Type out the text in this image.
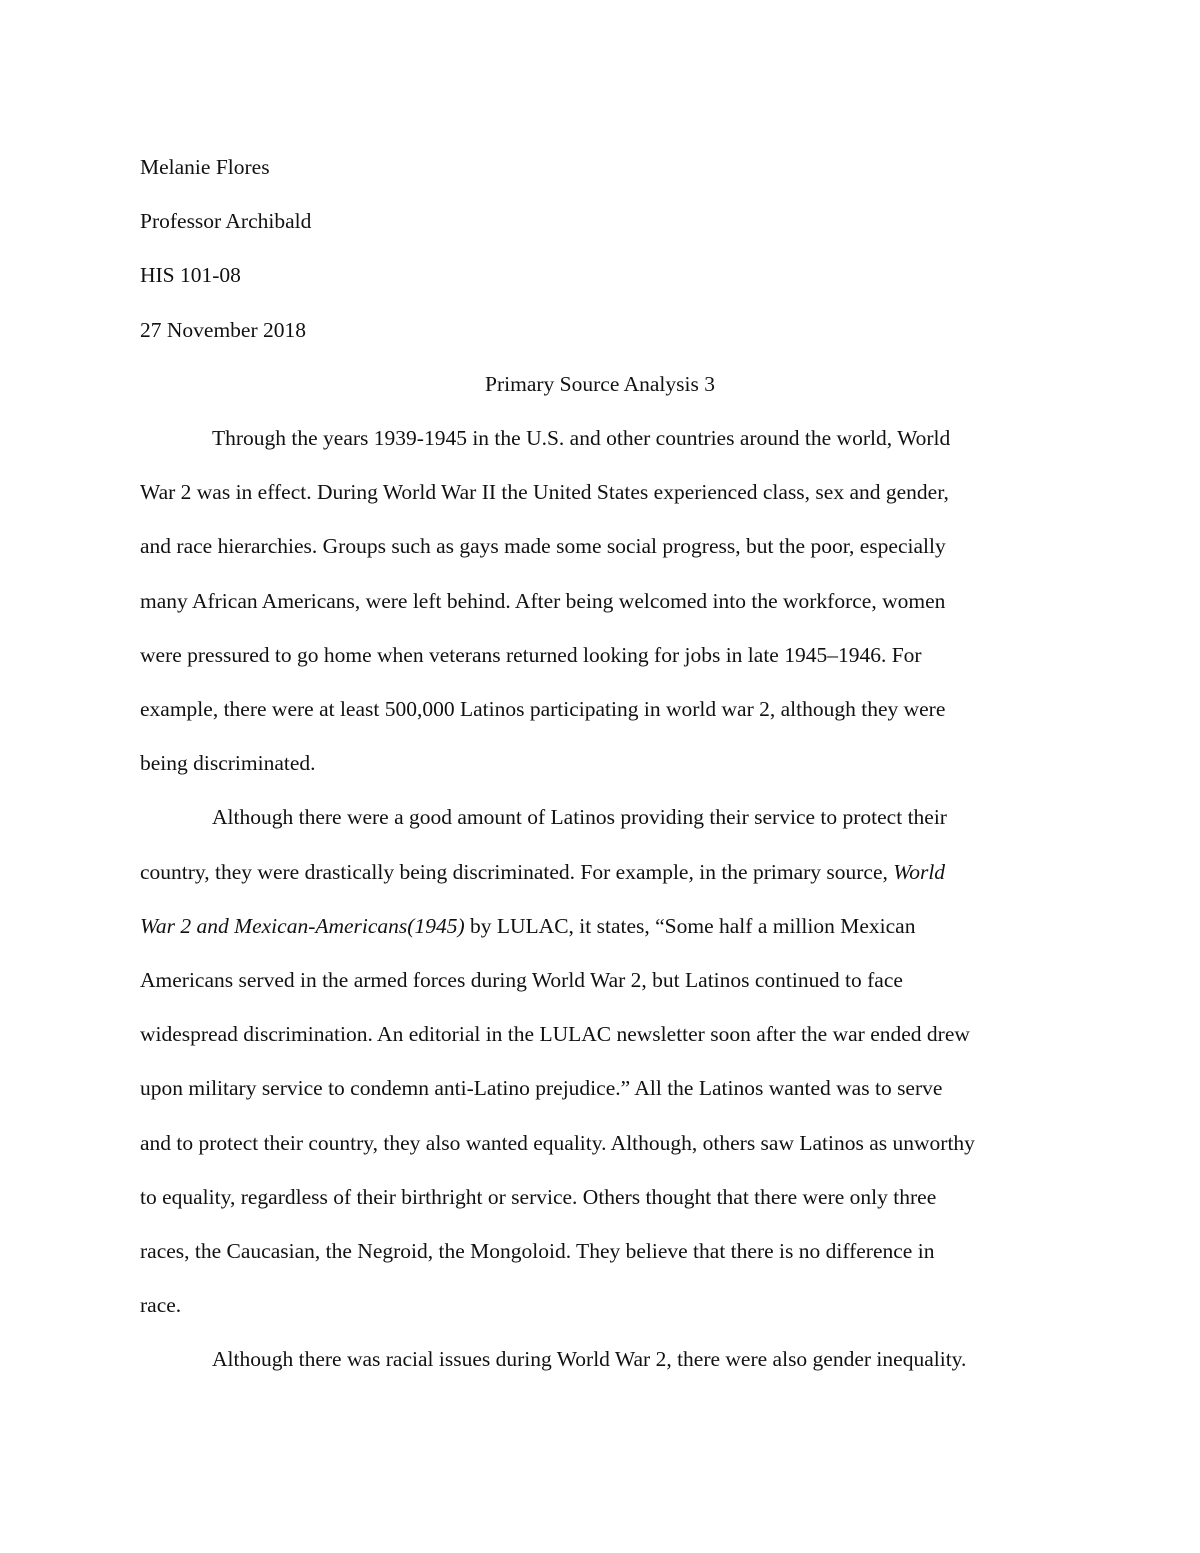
Melanie Flores

Professor Archibald

HIS 101-08

27 November 2018

Primary Source Analysis 3

Through the years 1939-1945 in the U.S. and other countries around the world, World
War 2 was in effect. During World War II the United States experienced class, sex and gender,
and race hierarchies. Groups such as gays made some social progress, but the poor, especially
many African Americans, were left behind. After being welcomed into the workforce, women
were pressured to go home when veterans returned looking for jobs in late 1945–1946. For
example, there were at least 500,000 Latinos participating in world war 2, although they were
being discriminated.
Although there were a good amount of Latinos providing their service to protect their
country, they were drastically being discriminated. For example, in the primary source, World
War 2 and Mexican-Americans(1945) by LULAC, it states, “Some half a million Mexican
Americans served in the armed forces during World War 2, but Latinos continued to face
widespread discrimination. An editorial in the LULAC newsletter soon after the war ended drew
upon military service to condemn anti-Latino prejudice.” All the Latinos wanted was to serve
and to protect their country, they also wanted equality. Although, others saw Latinos as unworthy
to equality, regardless of their birthright or service. Others thought that there were only three
races, the Caucasian, the Negroid, the Mongoloid. They believe that there is no difference in
race.
Although there was racial issues during World War 2, there were also gender inequality.
